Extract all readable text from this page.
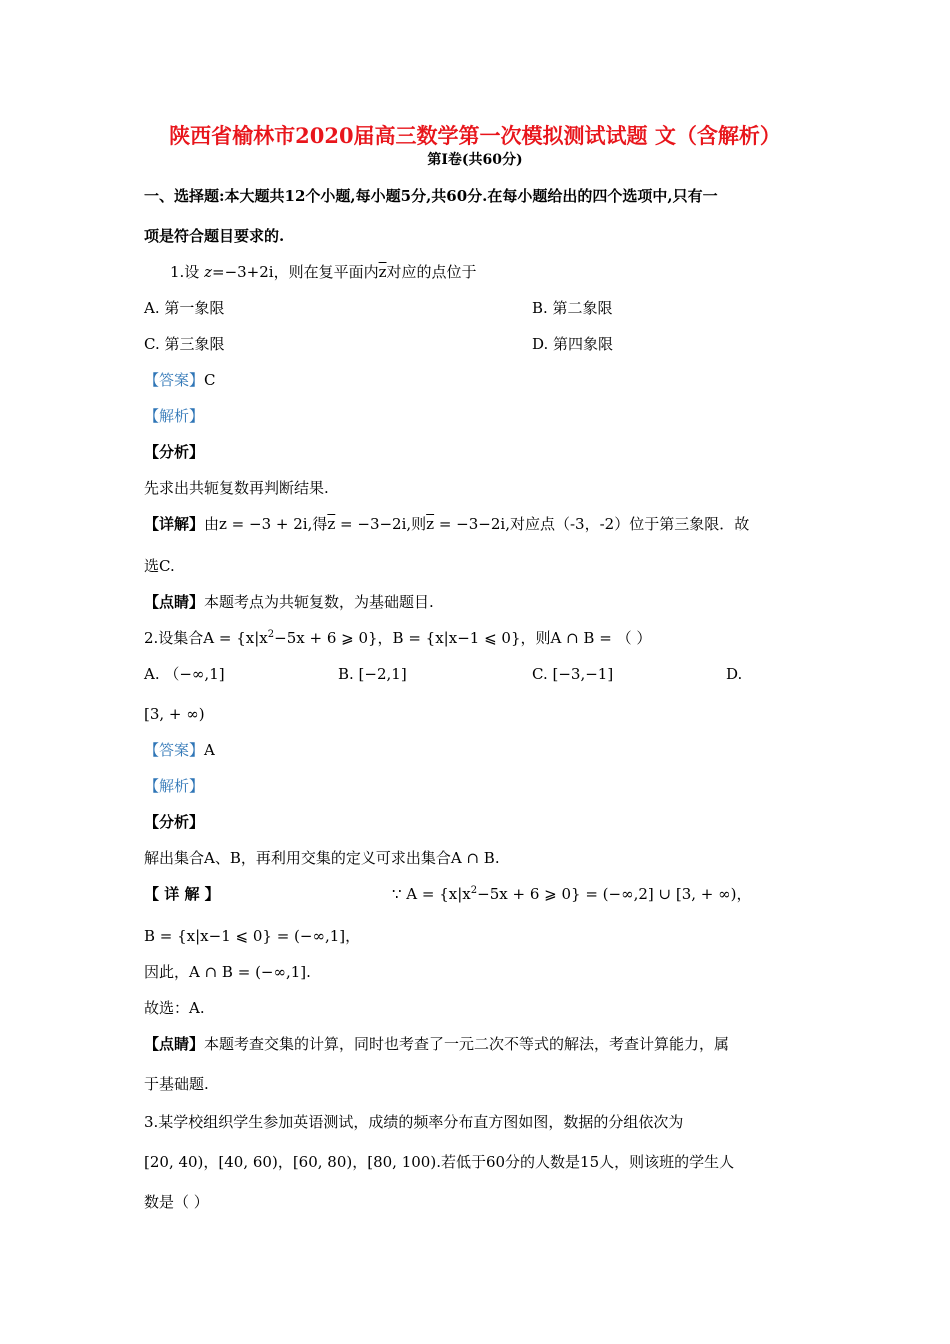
陕西省榆林市2020届高三数学第一次模拟测试试题 文（含解析）
第Ⅰ卷(共60分)
一、选择题:本大题共12个小题,每小题5分,共60分.在每小题给出的四个选项中,只有一
项是符合题目要求的.
1.设 z=−3+2i，则在复平面内$\overline{z}$对应的点位于
A. 第一象限	B. 第二象限
C. 第三象限	D. 第四象限
【答案】C
【解析】
【分析】
先求出共轭复数再判断结果.
【详解】由z = −3 + 2i,得$\overline{z} = -3-2i$,则$\overline{z} = -3-2i$,对应点（-3，-2）位于第三象限．故
选C.
【点睛】本题考点为共轭复数，为基础题目.
2.设集合$A = \{x|x^2-5x + 6$ ⩾ 0}，B = {x|x−1 ⩽ 0}，则A ∩ B = （ ）
A. （−∞,1]	B. [−2,1]	C. [−3,−1]	D.
[3, + ∞)
【答案】A
【解析】
【分析】
解出集合A、B，再利用交集的定义可求出集合A ∩ B.
【 详 解 】	∵ $A = \{x|x^2-5x + 6$ ⩾ 0} = (−∞,2] ∪ [3, + ∞)，
B = {x|x−1 ⩽ 0} = (−∞,1]，
因此，A ∩ B = (−∞,1].
故选：A.
【点睛】本题考查交集的计算，同时也考查了一元二次不等式的解法，考查计算能力，属
于基础题.
3.某学校组织学生参加英语测试，成绩的频率分布直方图如图，数据的分组依次为
[20, 40)，[40, 60)，[60, 80)，[80, 100).若低于60分的人数是15人，则该班的学生人
数是（ ）
